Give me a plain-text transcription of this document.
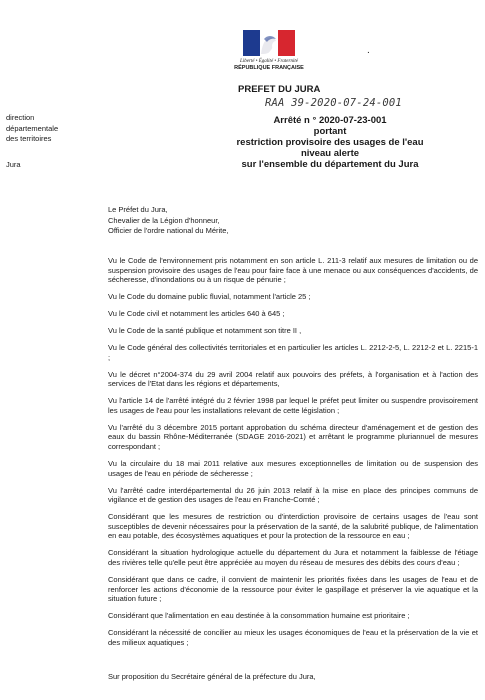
Liberté • Égalité • Fraternité
RÉPUBLIQUE FRANÇAISE
.
PREFET DU JURA
RAA 39-2020-07-24-001
direction
départementale
des territoires
Jura
Arrêté n ° 2020-07-23-001
portant
restriction provisoire des usages de l'eau
niveau alerte
sur l'ensemble du département du Jura
Le Préfet du Jura,
Chevalier de la Légion d'honneur,
Officier de l'ordre national du Mérite,

Vu le Code de l'environnement pris notamment en son article L. 211-3 relatif aux mesures de limitation ou de suspension provisoire des usages de l'eau pour faire face à une menace ou aux conséquences d'accidents, de sécheresse, d'inondations ou à un risque de pénurie ;

Vu le Code du domaine public fluvial, notamment l'article 25 ;

Vu le Code civil et notamment les articles 640 à 645 ;

Vu le Code de la santé publique et notamment son titre II ,

Vu le Code général des collectivités territoriales et en particulier les articles L. 2212-2-5, L. 2212-2 et L. 2215-1 ;

Vu le décret n°2004-374 du 29 avril 2004 relatif aux pouvoirs des préfets, à l'organisation et à l'action des services de l'Etat dans les régions et départements,

Vu l'article 14 de l'arrêté intégré du 2 février 1998 par lequel le préfet peut limiter ou suspendre provisoirement les usages de l'eau pour les installations relevant de cette législation ;

Vu l'arrêté du 3 décembre 2015 portant approbation du schéma directeur d'aménagement et de gestion des eaux du bassin Rhône-Méditerranée (SDAGE 2016-2021) et arrêtant le programme pluriannuel de mesures correspondant ;

Vu la circulaire du 18 mai 2011 relative aux mesures exceptionnelles de limitation ou de suspension des usages de l'eau en période de sécheresse ;

Vu l'arrêté cadre interdépartemental du 26 juin 2013 relatif à la mise en place des principes communs de vigilance et de gestion des usages de l'eau en Franche-Comté ;

Considérant que les mesures de restriction ou d'interdiction provisoire de certains usages de l'eau sont susceptibles de devenir nécessaires pour la préservation de la santé, de la salubrité publique, de l'alimentation en eau potable, des écosystèmes aquatiques et pour la protection de la ressource en eau ;

Considérant la situation hydrologique actuelle du département du Jura et notamment la faiblesse de l'étiage des rivières telle qu'elle peut être appréciée au moyen du réseau de mesures des débits des cours d'eau ;

Considérant que dans ce cadre, il convient de maintenir les priorités fixées dans les usages de l'eau et de renforcer les actions d'économie de la ressource pour éviter le gaspillage et préserver la vie aquatique et la situation future ;

Considérant que l'alimentation en eau destinée à la consommation humaine est prioritaire ;

Considérant la nécessité de concilier au mieux les usages économiques de l'eau et la préservation de la vie et des milieux aquatiques ;

Sur proposition du Secrétaire général de la préfecture du Jura,
